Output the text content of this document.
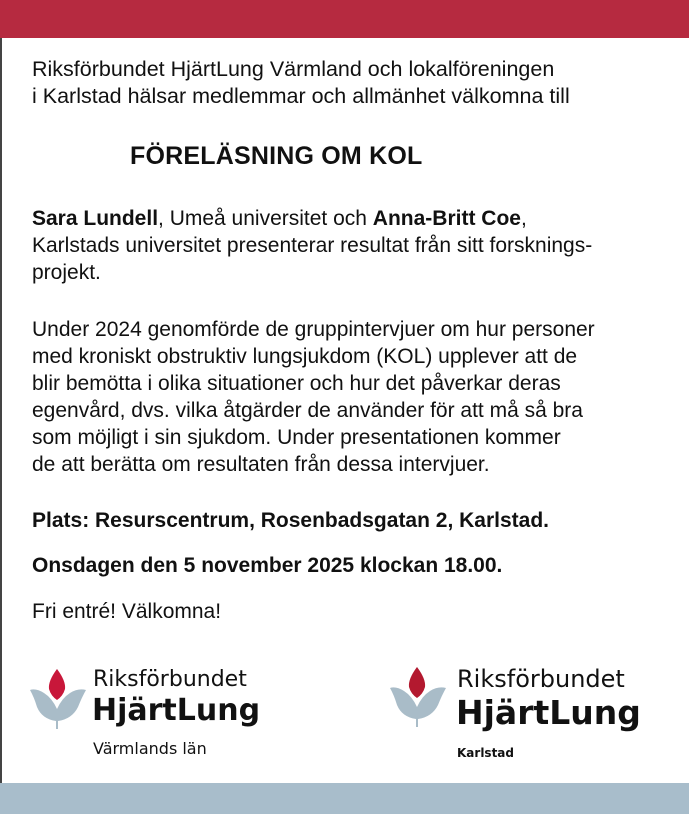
Riksförbundet HjärtLung Värmland och lokalföreningen
i Karlstad hälsar medlemmar och allmänhet välkomna till
FÖRELÄSNING OM KOL
Sara Lundell, Umeå universitet och Anna-Britt Coe,
Karlstads universitet presenterar resultat från sitt forsknings-
projekt.
Under 2024 genomförde de gruppintervjuer om hur personer
med kroniskt obstruktiv lungsjukdom (KOL) upplever att de
blir bemötta i olika situationer och hur det påverkar deras
egenvård, dvs. vilka åtgärder de använder för att må så bra
som möjligt i sin sjukdom. Under presentationen kommer
de att berätta om resultaten från dessa intervjuer.
Plats: Resurscentrum, Rosenbadsgatan 2, Karlstad.
Onsdagen den 5 november 2025 klockan 18.00.
Fri entré! Välkomna!
Riksförbundet
HjärtLung
Värmlands län
Riksförbundet
HjärtLung
Karlstad
